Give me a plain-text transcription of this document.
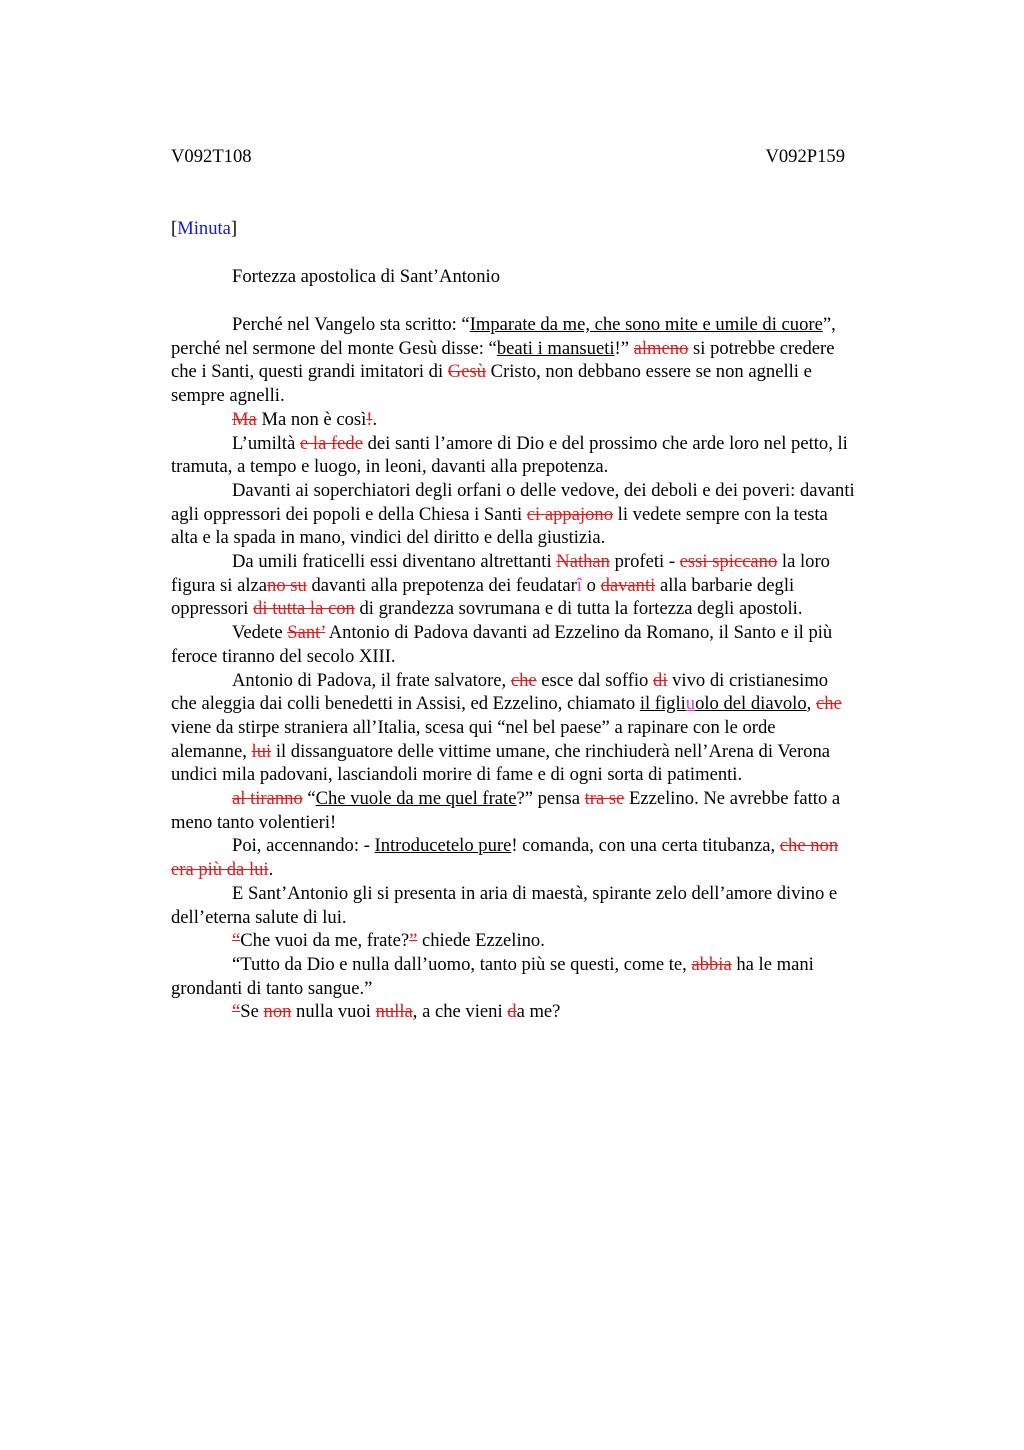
V092T108	V092P159
[Minuta]
Fortezza apostolica di Sant’Antonio

Perché nel Vangelo sta scritto: “Imparate da me, che sono mite e umile di cuore”,
perché nel sermone del monte Gesù disse: “beati i mansueti!” almeno si potrebbe credere
che i Santi, questi grandi imitatori di Gesù Cristo, non debbano essere se non agnelli e
sempre agnelli.

Ma Ma non è così!.

L’umiltà e la fede dei santi l’amore di Dio e del prossimo che arde loro nel petto, li
tramuta, a tempo e luogo, in leoni, davanti alla prepotenza.

Davanti ai soperchiatori degli orfani o delle vedove, dei deboli e dei poveri: davanti
agli oppressori dei popoli e della Chiesa i Santi ci appajono li vedete sempre con la testa
alta e la spada in mano, vindici del diritto e della giustizia.

Da umili fraticelli essi diventano altrettanti Nathan profeti - essi spiccano la loro
figura si alzano su davanti alla prepotenza dei feudatarî o davanti alla barbarie degli
oppressori di tutta la con di grandezza sovrumana e di tutta la fortezza degli apostoli.

Vedete Sant’ Antonio di Padova davanti ad Ezzelino da Romano, il Santo e il più
feroce tiranno del secolo XIII.

Antonio di Padova, il frate salvatore, che esce dal soffio di vivo di cristianesimo
che aleggia dai colli benedetti in Assisi, ed Ezzelino, chiamato il figliuolo del diavolo, che
viene da stirpe straniera all’Italia, scesa qui “nel bel paese” a rapinare con le orde
alemanne, lui il dissanguatore delle vittime umane, che rinchiuderà nell’Arena di Verona
undici mila padovani, lasciandoli morire di fame e di ogni sorta di patimenti.

al tiranno “Che vuole da me quel frate?” pensa tra se Ezzelino. Ne avrebbe fatto a
meno tanto volentieri!

Poi, accennando: - Introducetelo pure! comanda, con una certa titubanza, che non
era più da lui.

E Sant’Antonio gli si presenta in aria di maestà, spirante zelo dell’amore divino e
dell’eterna salute di lui.

“Che vuoi da me, frate?” chiede Ezzelino.

“Tutto da Dio e nulla dall’uomo, tanto più se questi, come te, abbia ha le mani
grondanti di tanto sangue.”

“Se non nulla vuoi nulla, a che vieni da me?
